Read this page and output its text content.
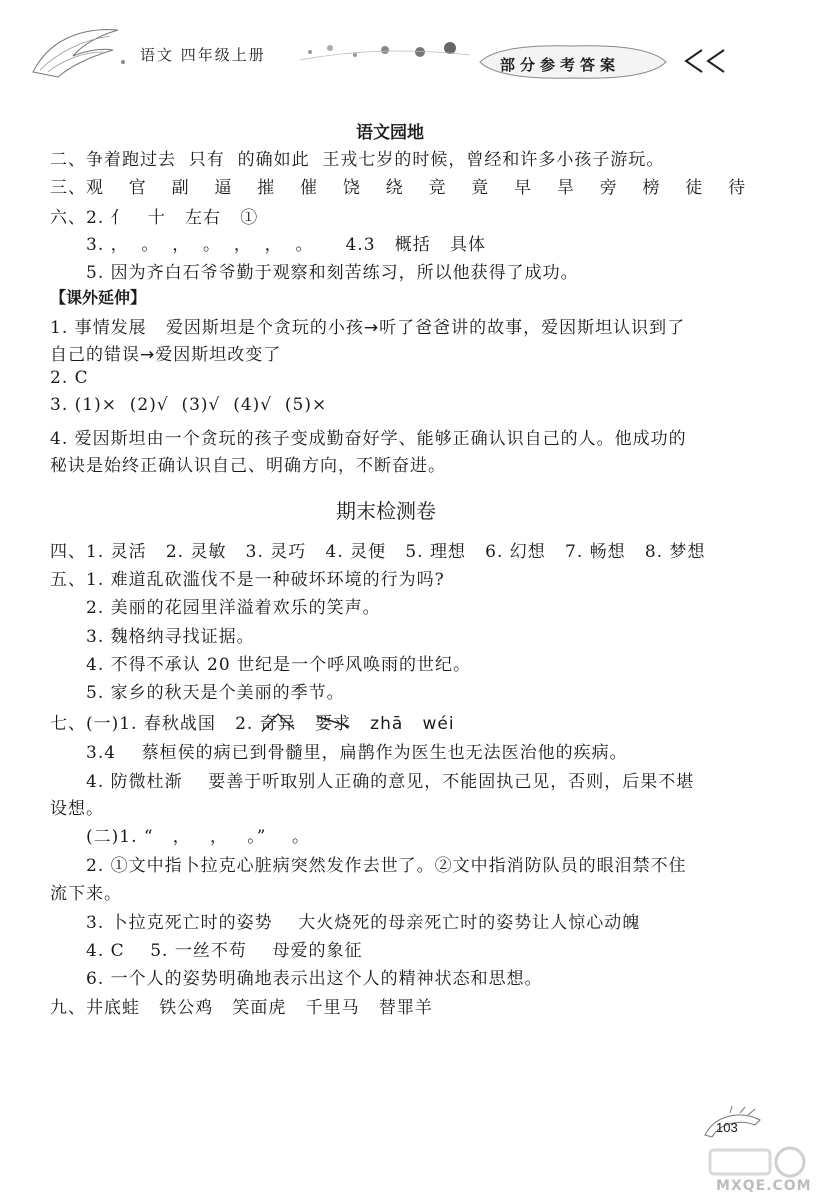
语文 四年级上册
部分参考答案
语文园地
二、争着跑过去  只有  的确如此  王戎七岁的时候，曾经和许多小孩子游玩。
三、观  官  副  逼  摧  催  饶  绕  竞  竟  早  旱  旁  榜  徒  待
六、2. 亻   十   左右   ①
3. ，  。  ，  。  ，  ，  。     4.3   概括   具体
5. 因为齐白石爷爷勤于观察和刻苦练习，所以他获得了成功。
【课外延伸】
1. 事情发展   爱因斯坦是个贪玩的小孩→听了爸爸讲的故事，爱因斯坦认识到了
自己的错误→爱因斯坦改变了
2. C
3. (1)×  (2)√  (3)√  (4)√  (5)×
4. 爱因斯坦由一个贪玩的孩子变成勤奋好学、能够正确认识自己的人。他成功的
秘诀是始终正确认识自己、明确方向，不断奋进。
期末检测卷
四、1. 灵活   2. 灵敏   3. 灵巧   4. 灵便   5. 理想   6. 幻想   7. 畅想   8. 梦想
五、1. 难道乱砍滥伐不是一种破坏环境的行为吗?
2. 美丽的花园里洋溢着欢乐的笑声。
3. 魏格纳寻找证据。
4. 不得不承认 20 世纪是一个呼风唤雨的世纪。
5. 家乡的秋天是个美丽的季节。
七、(一)1. 春秋战国   2. 奇异 要求 zhā wéi
3.4    蔡桓侯的病已到骨髓里，扁鹊作为医生也无法医治他的疾病。
4. 防微杜渐    要善于听取别人正确的意见，不能固执己见，否则，后果不堪
设想。
(二)1. “   ，   ，   。”    。
2. ①文中指卜拉克心脏病突然发作去世了。②文中指消防队员的眼泪禁不住
流下来。
3. 卜拉克死亡时的姿势    大火烧死的母亲死亡时的姿势让人惊心动魄
4. C    5. 一丝不苟    母爱的象征
6. 一个人的姿势明确地表示出这个人的精神状态和思想。
九、井底蛙   铁公鸡   笑面虎   千里马   替罪羊
103
MXQE.COM
